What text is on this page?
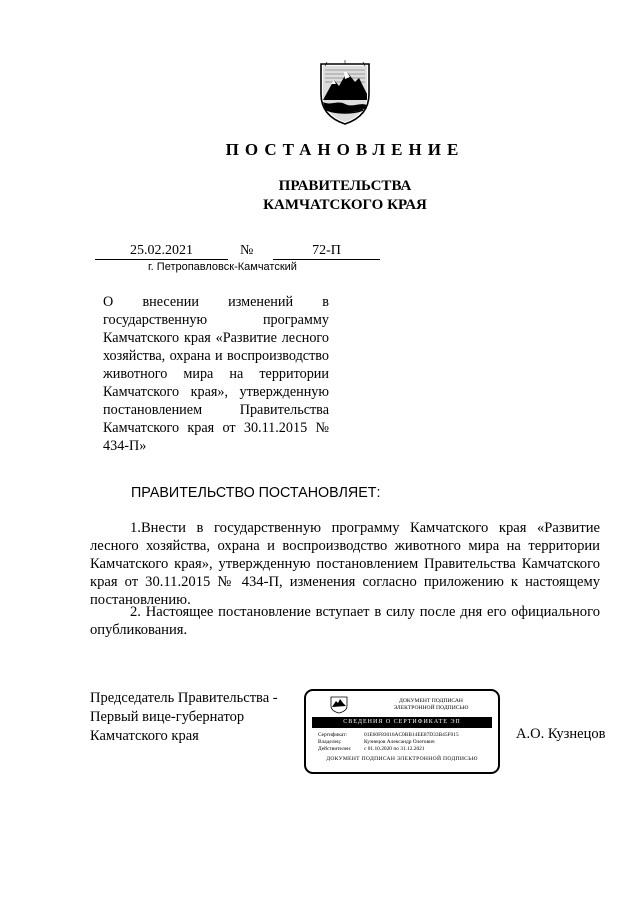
ПОСТАНОВЛЕНИЕ
ПРАВИТЕЛЬСТВА
КАМЧАТСКОГО КРАЯ
25.02.2021	№	72-П
г. Петропавловск-Камчатский
О внесении изменений в государственную программу Камчатского края «Развитие лесного хозяйства, охрана и воспроизводство животного мира на территории Камчатского края», утвержденную постановлением Правительства Камчатского края от 30.11.2015 № 434-П»
ПРАВИТЕЛЬСТВО ПОСТАНОВЛЯЕТ:
1.Внести в государственную программу Камчатского края «Развитие лесного хозяйства, охрана и воспроизводство животного мира на территории Камчатского края», утвержденную постановлением Правительства Камчатского края от 30.11.2015 № 434-П, изменения согласно приложению к настоящему постановлению.
2. Настоящее постановление вступает в силу после дня его официального опубликования.
Председатель Правительства -
Первый вице-губернатор
Камчатского края
ДОКУМЕНТ ПОДПИСАН
ЭЛЕКТРОННОЙ ПОДПИСЬЮ
СВЕДЕНИЯ О СЕРТИФИКАТЕ ЭП
Сертификат:	01E60F83016AC0BB14EE87D33B45F015
Владелец:	Кузнецов Александр Олегович
Действителен: с 01.10.2020 по 31.12.2021
ДОКУМЕНТ ПОДПИСАН ЭЛЕКТРОННОЙ ПОДПИСЬЮ
А.О. Кузнецов
